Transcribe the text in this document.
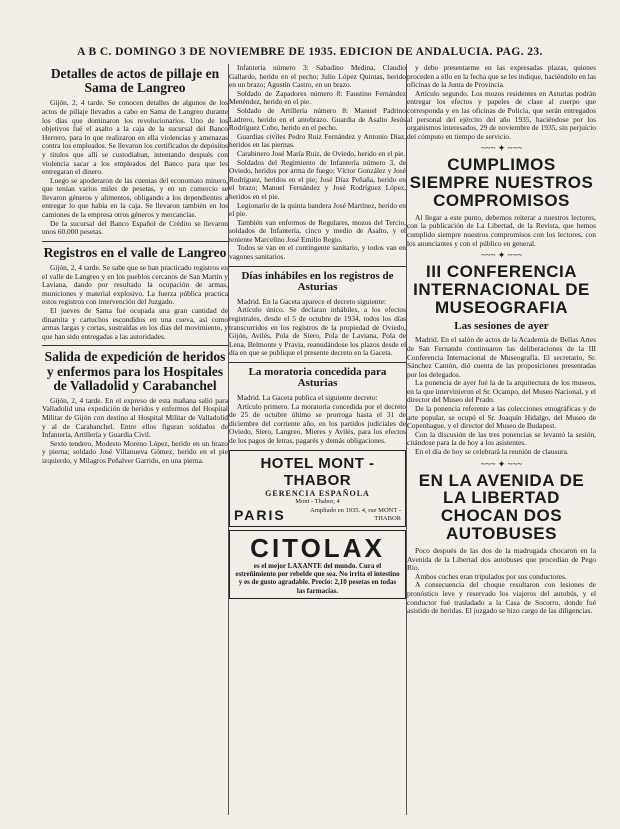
A B C. DOMINGO 3 DE NOVIEMBRE DE 1935. EDICION DE ANDALUCIA. PAG. 23.
Detalles de actos de pillaje en Sama de Langreo

Gijón, 2, 4 tarde. Se conocen detalles de algunos de los actos de pillaje llevados a cabo en Sama de Langreo durante los días que dominaron los revolucionarios. Uno de los objetivos fué el asalto a la caja de la sucursal del Banco Herrero, para lo que realizaron en ella violencias y amenazas contra los empleados. Se llevaron los certificados de depósitos y títulos que allí se custodiaban, intentando después con violencia sacar a los empleados del Banco para que les entregaran el dinero.

Luego se apoderaron de las cuentas del economato minero, que tenían varios miles de pesetas, y en un comercio se llevaron géneros y alimentos, obligando a los dependientes a entregar lo que había en la caja. Se llevaron también en los camiones de la empresa otros géneros y mercancías.

De la sucursal del Banco Español de Crédito se llevaron unos 60.000 pesetas.

Registros en el valle de Langreo

Gijón, 2, 4 tarde. Se sabe que se han practicado registros en el valle de Langreo y en los pueblos cercanos de San Martín y Laviana, dando por resultado la ocupación de armas, municiones y material explosivo. La fuerza pública practica estos registros con intervención del Juzgado.

El jueves de Sama fué ocupada una gran cantidad de dinamita y cartuchos escondidos en una cueva, así como armas largas y cortas, sustraídas en los días del movimiento, y que han sido entregadas a las autoridades.

Salida de expedición de heridos y enfermos para los Hospitales de Valladolid y Carabanchel

Gijón, 2, 4 tarde. En el expreso de esta mañana salió para Valladolid una expedición de heridos y enfermos del Hospital Militar de Gijón con destino al Hospital Militar de Valladolid y al de Carabanchel. Entre ellos figuran soldados de Infantería, Artillería y Guardia Civil.

Sexto tendero, Modesto Moreno López, herido en un brazo y pierna; soldado José Villanueva Gómez, herido en el pie izquierdo, y Milagros Peñalver Garrido, en una pierna.

Infantería número 3: Sabadino Medina, Claudio Gallardo, herido en el pecho; Julio López Quintas, herido en un brazo; Agustín Castro, en un brazo.

Soldado de Zapadores número 8: Faustino Fernández Menéndez, herido en el pie.

Soldado de Artillería número 8: Manuel Padrino Ladrero, herido en el antebrazo. Guardia de Asalto Jesús Rodríguez Cobo, herido en el pecho.

Guardias civiles Pedro Ruiz Fernández y Antonio Díaz, heridos en las piernas.

Carabinero José María Ruiz, de Oviedo, herido en el pie.

Soldados del Regimiento de Infantería número 3, de Oviedo, heridos por arma de fuego; Víctor González y José Rodríguez, heridos en el pie; José Díaz Peñaña, herido en el brazo; Manuel Fernández y José Rodríguez López, heridos en el pie.

Legionario de la quinta bandera José Martínez, herido en el pie.

También van enfermos de Regulares, mozos del Tercio, soldados de Infantería, cinco y medio de Asalto, y el teniente Marcelino José Emilio Regio.

Todos se van en el contingente sanitario, y todos van en vagones sanitarios.

Días inhábiles en los registros de Asturias

Madrid. En la Gaceta aparece el decreto siguiente:

Artículo único. Se declaran inhábiles, a los efectos registrales, desde el 5 de octubre de 1934, todos los días transcurridos en los registros de la propiedad de Oviedo, Gijón, Avilés, Pola de Siero, Pola de Laviana, Pola de Lena, Belmonte y Pravia, reanudándose los plazos desde el día en que se publique el presente decreto en la Gaceta.

La moratoria concedida para Asturias

Madrid. La Gaceta publica el siguiente decreto:

Artículo primero. La moratoria concedida por el decreto de 25 de octubre último se prorroga hasta el 31 de diciembre del corriente año, en los partidos judiciales de Oviedo, Siero, Langreo, Mieres y Avilés, para los efectos de los pagos de letras, pagarés y demás obligaciones.

HOTEL MONT - THABOR
GERENCIA ESPAÑOLA
Mont - Thabor, 4
PARIS	Ampliado en 1935. 4, rue MONT - THABOR
CITOLAX
es el mejor LAXANTE del mundo. Cura el estreñimiento por rebelde que sea. No irrita el intestino y es de gusto agradable. Precio: 2,10 pesetas en todas las farmacias.

y debo presentarme en las expresadas plazas, quienes proceden a ello en la fecha que se les indique, haciéndolo en las oficinas de la Junta de Provincia.

Artículo segundo. Los mozos residentes en Asturias podrán entregar los efectos y papeles de clase al cuerpo que corresponda y en las oficinas de Policía, que serán entregados al personal del ejército del año 1935, haciéndose por los organismos interesados, 29 de noviembre de 1935, sin perjuicio del cómputo en tiempo de servicio.

~~~ ✦ ~~~
CUMPLIMOS SIEMPRE NUESTROS COMPROMISOS

Al llegar a este punto, debemos reiterar a nuestros lectores, con la publicación de La Libertad, de la Revista, que hemos cumplido siempre nuestros compromisos con los lectores, con los anunciantes y con el público en general.

~~~ ✦ ~~~
III CONFERENCIA INTERNACIONAL DE MUSEOGRAFIA
Las sesiones de ayer

Madrid. En el salón de actos de la Academia de Bellas Artes de San Fernando continuaron las deliberaciones de la III Conferencia Internacional de Museografía. El secretario, Sr. Sánchez Cantón, dió cuenta de las proposiciones presentadas por los delegados.

La ponencia de ayer fué la de la arquitectura de los museos, en la que intervinieron el Sr. Ocampo, del Museo Nacional, y el director del Museo del Prado.

De la ponencia referente a las colecciones etnográficas y de arte popular, se ocupó el Sr. Joaquín Hidalgo, del Museo de Copenhague, y el director del Museo de Budapest.

Con la discusión de las tres ponencias se levantó la sesión, citándose para la de hoy a los asistentes.

En el día de hoy se celebrará la reunión de clausura.

~~~ ✦ ~~~
EN LA AVENIDA DE LA LIBERTAD CHOCAN DOS AUTOBUSES

Poco después de las dos de la madrugada chocaron en la Avenida de la Libertad dos autobuses que procedían de Pego Rio.

Ambos coches eran tripulados por sus conductores.

A consecuencia del choque resultaron con lesiones de pronóstico leve y reservado los viajeros del autobús, y el conductor fué trasladado a la Casa de Socorro, donde fué asistido de heridas. El juzgado se hizo cargo de las diligencias.
